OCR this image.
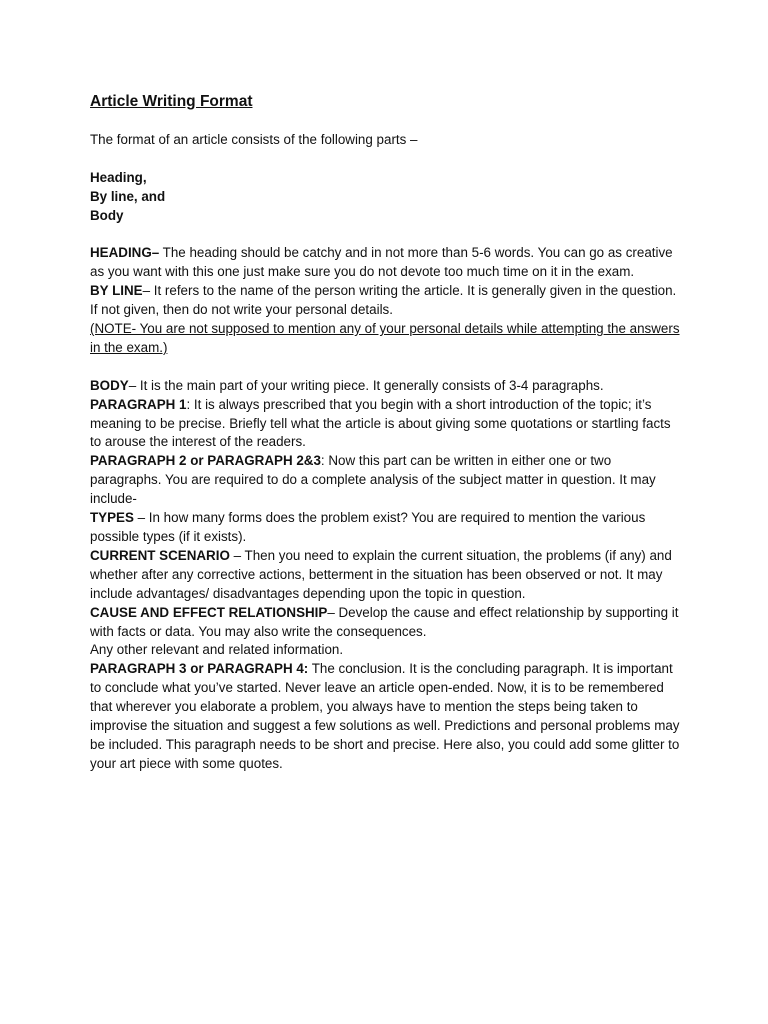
Article Writing Format

The format of an article consists of the following parts –

Heading,
By line, and
Body

HEADING– The heading should be catchy and in not more than 5-6 words. You can go as creative as you want with this one just make sure you do not devote too much time on it in the exam.

BY LINE– It refers to the name of the person writing the article. It is generally given in the question. If not given, then do not write your personal details.

(NOTE- You are not supposed to mention any of your personal details while attempting the answers in the exam.)

BODY– It is the main part of your writing piece. It generally consists of 3-4 paragraphs.

PARAGRAPH 1: It is always prescribed that you begin with a short introduction of the topic; it’s meaning to be precise. Briefly tell what the article is about giving some quotations or startling facts to arouse the interest of the readers.

PARAGRAPH 2 or PARAGRAPH 2&3: Now this part can be written in either one or two paragraphs. You are required to do a complete analysis of the subject matter in question. It may include-

TYPES – In how many forms does the problem exist? You are required to mention the various possible types (if it exists).

CURRENT SCENARIO – Then you need to explain the current situation, the problems (if any) and whether after any corrective actions, betterment in the situation has been observed or not. It may include advantages/ disadvantages depending upon the topic in question.

CAUSE AND EFFECT RELATIONSHIP– Develop the cause and effect relationship by supporting it with facts or data. You may also write the consequences.

Any other relevant and related information.

PARAGRAPH 3 or PARAGRAPH 4: The conclusion. It is the concluding paragraph. It is important to conclude what you’ve started. Never leave an article open-ended. Now, it is to be remembered that wherever you elaborate a problem, you always have to mention the steps being taken to improvise the situation and suggest a few solutions as well. Predictions and personal problems may be included. This paragraph needs to be short and precise. Here also, you could add some glitter to your art piece with some quotes.
